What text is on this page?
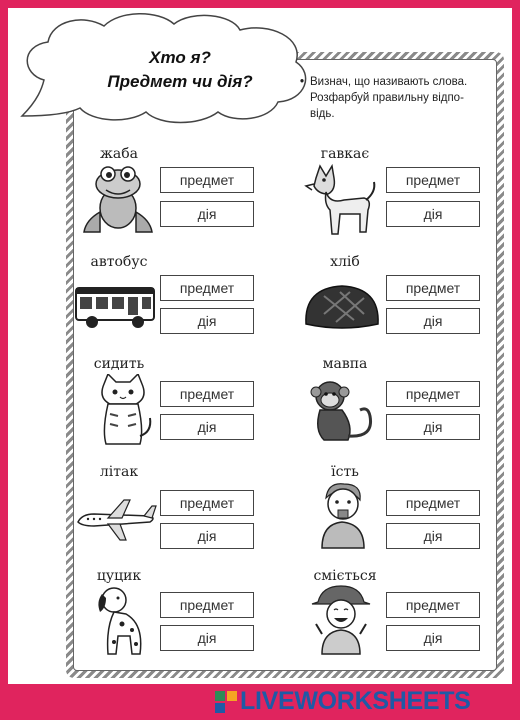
Хто я?
Предмет чи дія?	• Визнач, що називають слова.
Розфарбуй правильну відпо-
відь.
жаба
предмет
дія
гавкає
предмет
дія
автобус
предмет
дія
хліб
предмет
дія
сидить
предмет
дія
мавпа
предмет
дія
літак
предмет
дія
їсть
предмет
дія
цуцик
предмет
дія
сміється
предмет
дія
LIVEWORKSHEETS
